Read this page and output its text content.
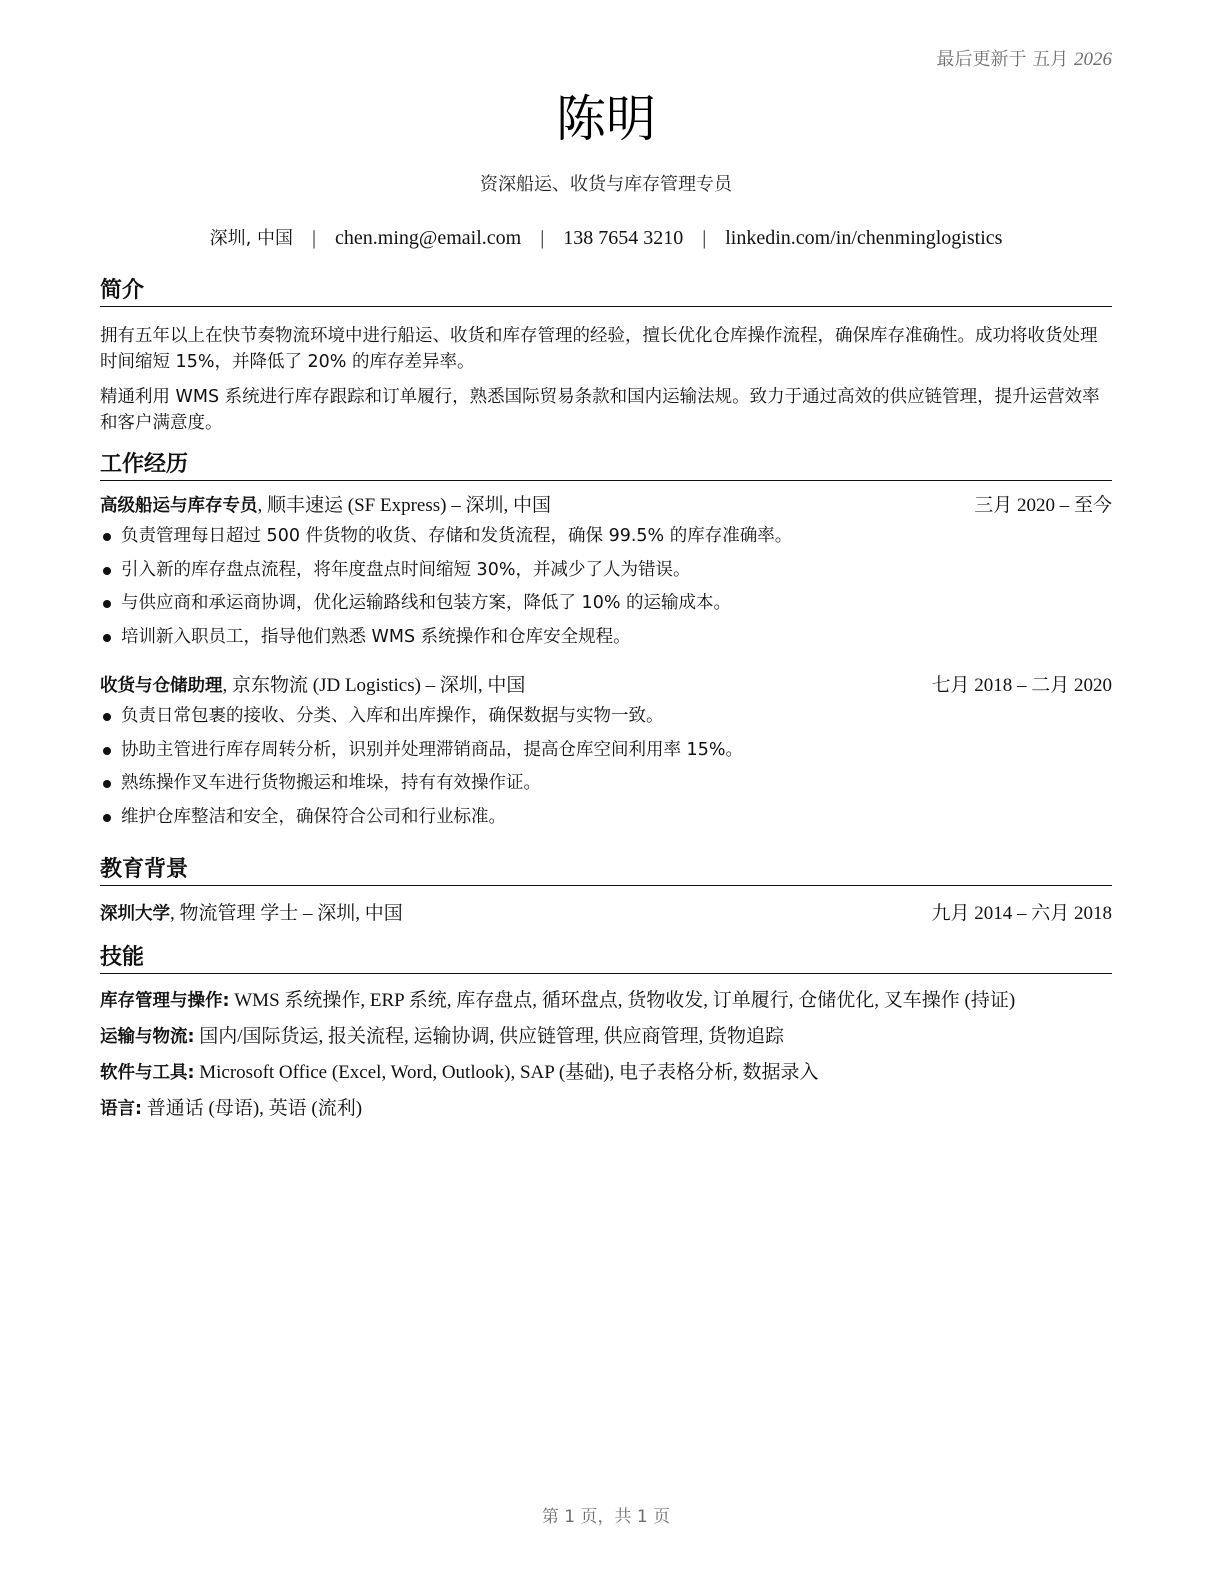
最后更新于 五月 2026
陈明
资深船运、收货与库存管理专员
深圳, 中国 | chen.ming@email.com | 138 7654 3210 | linkedin.com/in/chenminglogistics
简介

拥有五年以上在快节奏物流环境中进行船运、收货和库存管理的经验，擅长优化仓库操作流程，确保库存准确性。成功将收货处理时间缩短 15%，并降低了 20% 的库存差异率。

精通利用 WMS 系统进行库存跟踪和订单履行，熟悉国际贸易条款和国内运输法规。致力于通过高效的供应链管理，提升运营效率和客户满意度。

工作经历
高级船运与库存专员, 顺丰速运 (SF Express) – 深圳, 中国	三月 2020 – 至今
负责管理每日超过 500 件货物的收货、存储和发货流程，确保 99.5% 的库存准确率。
引入新的库存盘点流程，将年度盘点时间缩短 30%，并减少了人为错误。
与供应商和承运商协调，优化运输路线和包装方案，降低了 10% 的运输成本。
培训新入职员工，指导他们熟悉 WMS 系统操作和仓库安全规程。
收货与仓储助理, 京东物流 (JD Logistics) – 深圳, 中国	七月 2018 – 二月 2020
负责日常包裹的接收、分类、入库和出库操作，确保数据与实物一致。
协助主管进行库存周转分析，识别并处理滞销商品，提高仓库空间利用率 15%。
熟练操作叉车进行货物搬运和堆垛，持有有效操作证。
维护仓库整洁和安全，确保符合公司和行业标准。
教育背景
深圳大学, 物流管理 学士 – 深圳, 中国	九月 2014 – 六月 2018
技能
库存管理与操作: WMS 系统操作, ERP 系统, 库存盘点, 循环盘点, 货物收发, 订单履行, 仓储优化, 叉车操作 (持证)
运输与物流: 国内/国际货运, 报关流程, 运输协调, 供应链管理, 供应商管理, 货物追踪
软件与工具: Microsoft Office (Excel, Word, Outlook), SAP (基础), 电子表格分析, 数据录入
语言: 普通话 (母语), 英语 (流利)
第 1 页，共 1 页
